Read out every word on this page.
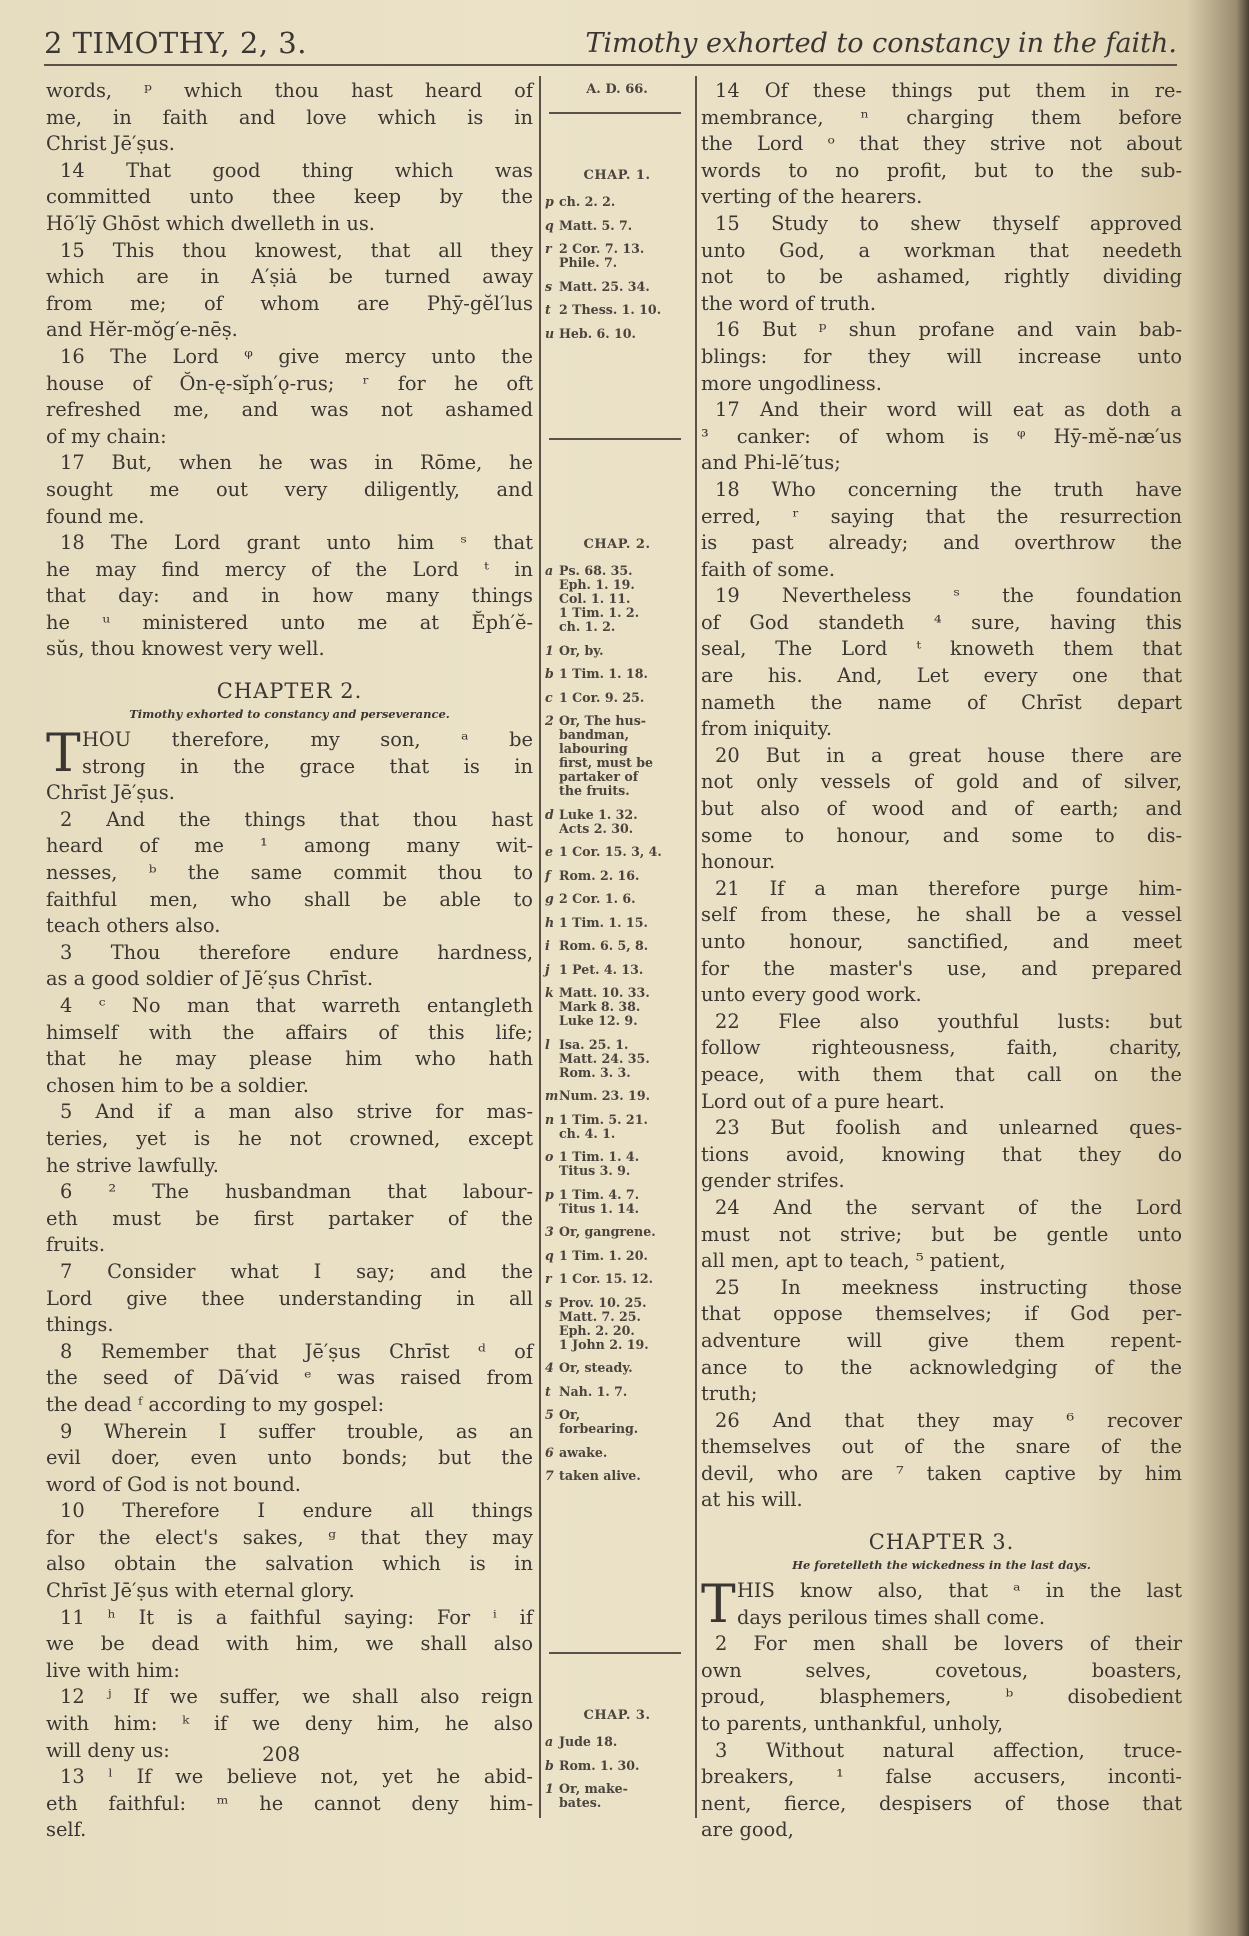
2 TIMOTHY, 2, 3.	Timothy exhorted to constancy in the faith.
words, ᵖ which thou hast heard of
me, in faith and love which is in
Christ Jē′ṣus.
14 That good thing which was
committed unto thee keep by the
Hō′lȳ Ghōst which dwelleth in us.
15 This thou knowest, that all they
which are in A′ṣiȧ be turned away
from me; of whom are Phȳ-gĕl′lus
and Hĕr-mŏg′e-nēṣ.
16 The Lord ᵠ give mercy unto the
house of Ŏn-ę-sĭph′ǫ-rus; ʳ for he oft
refreshed me, and was not ashamed
of my chain:
17 But, when he was in Rōme, he
sought me out very diligently, and
found me.
18 The Lord grant unto him ˢ that
he may find mercy of the Lord ᵗ in
that day: and in how many things
he ᵘ ministered unto me at Ĕph′ĕ-
sŭs, thou knowest very well.
CHAPTER 2.
Timothy exhorted to constancy and perseverance.
T HOU therefore, my son, ᵃ be
strong in the grace that is in
Chrīst Jē′ṣus.
2 And the things that thou hast
heard of me ¹ among many wit-
nesses, ᵇ the same commit thou to
faithful men, who shall be able to
teach others also.
3 Thou therefore endure hardness,
as a good soldier of Jē′ṣus Chrīst.
4 ᶜ No man that warreth entangleth
himself with the affairs of this life;
that he may please him who hath
chosen him to be a soldier.
5 And if a man also strive for mas-
teries, yet is he not crowned, except
he strive lawfully.
6 ² The husbandman that labour-
eth must be first partaker of the
fruits.
7 Consider what I say; and the
Lord give thee understanding in all
things.
8 Remember that Jē′ṣus Chrīst ᵈ of
the seed of Dā′vid ᵉ was raised from
the dead ᶠ according to my gospel:
9 Wherein I suffer trouble, as an
evil doer, even unto bonds; but the
word of God is not bound.
10 Therefore I endure all things
for the elect's sakes, ᵍ that they may
also obtain the salvation which is in
Chrīst Jē′ṣus with eternal glory.
11 ʰ It is a faithful saying: For ⁱ if
we be dead with him, we shall also
live with him:
12 ʲ If we suffer, we shall also reign
with him: ᵏ if we deny him, he also
will deny us:
13 ˡ If we believe not, yet he abid-
eth faithful: ᵐ he cannot deny him-
self.
14 Of these things put them in re-
membrance, ⁿ charging them before
the Lord ᵒ that they strive not about
words to no profit, but to the sub-
verting of the hearers.
15 Study to shew thyself approved
unto God, a workman that needeth
not to be ashamed, rightly dividing
the word of truth.
16 But ᵖ shun profane and vain bab-
blings: for they will increase unto
more ungodliness.
17 And their word will eat as doth a
³ canker: of whom is ᵠ Hȳ-mĕ-næ′us
and Phi-lē′tus;
18 Who concerning the truth have
erred, ʳ saying that the resurrection
is past already; and overthrow the
faith of some.
19 Nevertheless ˢ the foundation
of God standeth ⁴ sure, having this
seal, The Lord ᵗ knoweth them that
are his. And, Let every one that
nameth the name of Chrīst depart
from iniquity.
20 But in a great house there are
not only vessels of gold and of silver,
but also of wood and of earth; and
some to honour, and some to dis-
honour.
21 If a man therefore purge him-
self from these, he shall be a vessel
unto honour, sanctified, and meet
for the master's use, and prepared
unto every good work.
22 Flee also youthful lusts: but
follow righteousness, faith, charity,
peace, with them that call on the
Lord out of a pure heart.
23 But foolish and unlearned ques-
tions avoid, knowing that they do
gender strifes.
24 And the servant of the Lord
must not strive; but be gentle unto
all men, apt to teach, ⁵ patient,
25 In meekness instructing those
that oppose themselves; if God per-
adventure will give them repent-
ance to the acknowledging of the
truth;
26 And that they may ⁶ recover
themselves out of the snare of the
devil, who are ⁷ taken captive by him
at his will.
CHAPTER 3.
He foretelleth the wickedness in the last days.
T HIS know also, that ᵃ in the last
days perilous times shall come.
2 For men shall be lovers of their
own selves, covetous, boasters,
proud, blasphemers, ᵇ disobedient
to parents, unthankful, unholy,
3 Without natural affection, truce-
breakers, ¹ false accusers, inconti-
nent, fierce, despisers of those that
are good,
A. D. 66.
CHAP. 1.
p ch. 2. 2.
q Matt. 5. 7.
r 2 Cor. 7. 13.
Phile. 7.
s Matt. 25. 34.
t 2 Thess. 1. 10.
u Heb. 6. 10.
CHAP. 2.
a Ps. 68. 35.
Eph. 1. 19.
Col. 1. 11.
1 Tim. 1. 2.
ch. 1. 2.
1 Or, by.
b 1 Tim. 1. 18.
c 1 Cor. 9. 25.
2 Or, The hus-
bandman,
labouring
first, must be
partaker of
the fruits.
d Luke 1. 32.
Acts 2. 30.
e 1 Cor. 15. 3, 4.
f Rom. 2. 16.
g 2 Cor. 1. 6.
h 1 Tim. 1. 15.
i Rom. 6. 5, 8.
j 1 Pet. 4. 13.
k Matt. 10. 33.
Mark 8. 38.
Luke 12. 9.
l Isa. 25. 1.
Matt. 24. 35.
Rom. 3. 3.
m Num. 23. 19.
n 1 Tim. 5. 21.
ch. 4. 1.
o 1 Tim. 1. 4.
Titus 3. 9.
p 1 Tim. 4. 7.
Titus 1. 14.
3 Or, gangrene.
q 1 Tim. 1. 20.
r 1 Cor. 15. 12.
s Prov. 10. 25.
Matt. 7. 25.
Eph. 2. 20.
1 John 2. 19.
4 Or, steady.
t Nah. 1. 7.
5 Or,
forbearing.
6 awake.
7 taken alive.
CHAP. 3.
a Jude 18.
b Rom. 1. 30.
1 Or, make-
bates.
208
